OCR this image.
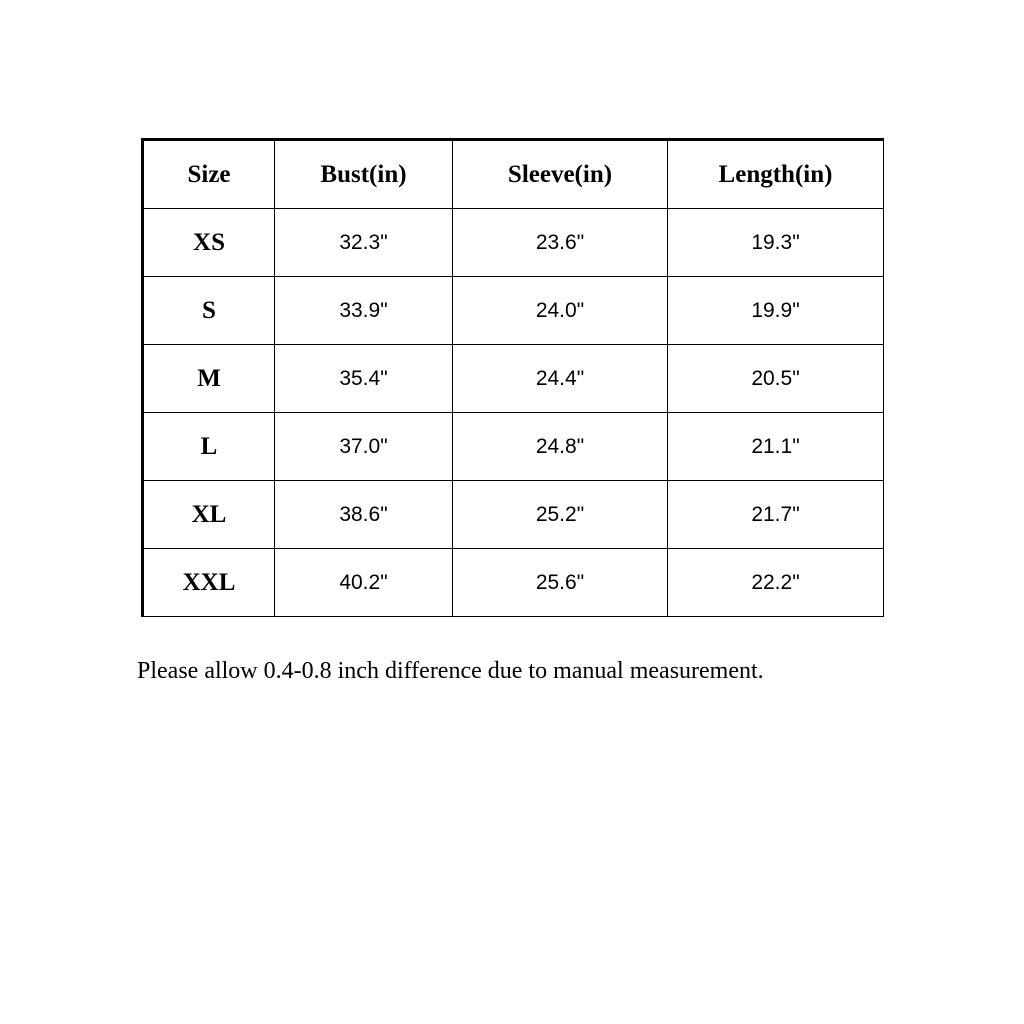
Size	Bust(in)	Sleeve(in)	Length(in)
XS	32.3"	23.6"	19.3"
S	33.9"	24.0"	19.9"
M	35.4"	24.4"	20.5"
L	37.0"	24.8"	21.1"
XL	38.6"	25.2"	21.7"
XXL	40.2"	25.6"	22.2"

Please allow 0.4-0.8 inch difference due to manual measurement.
